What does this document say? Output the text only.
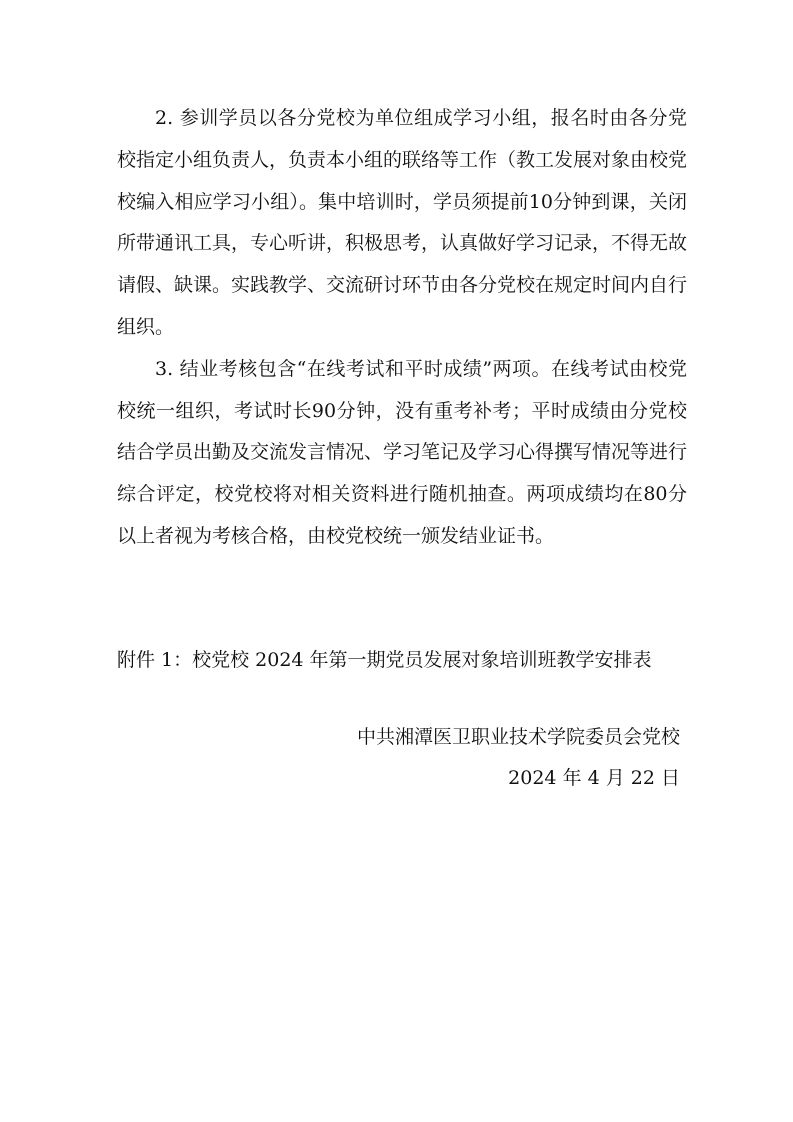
2. 参训学员以各分党校为单位组成学习小组，报名时由各分党校指定小组负责人，负责本小组的联络等工作（教工发展对象由校党校编入相应学习小组）。集中培训时，学员须提前10分钟到课，关闭所带通讯工具，专心听讲，积极思考，认真做好学习记录，不得无故请假、缺课。实践教学、交流研讨环节由各分党校在规定时间内自行组织。

3. 结业考核包含“在线考试和平时成绩”两项。在线考试由校党校统一组织，考试时长90分钟，没有重考补考；平时成绩由分党校结合学员出勤及交流发言情况、学习笔记及学习心得撰写情况等进行综合评定，校党校将对相关资料进行随机抽查。两项成绩均在80分以上者视为考核合格，由校党校统一颁发结业证书。

附件 1：校党校 2024 年第一期党员发展对象培训班教学安排表
中共湘潭医卫职业技术学院委员会党校
2024 年 4 月 22 日
